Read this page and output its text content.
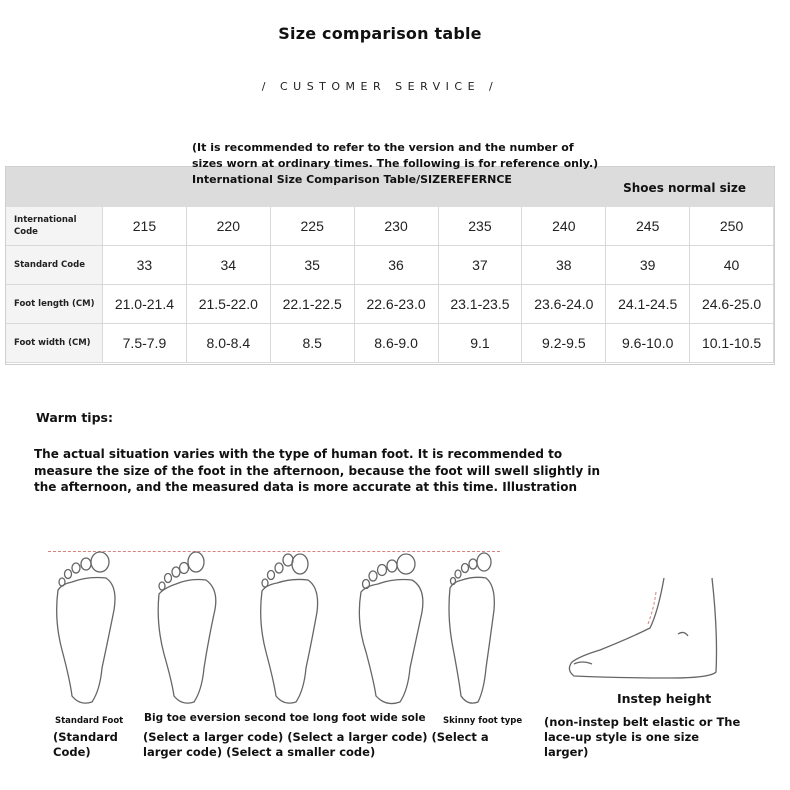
Size comparison table
/ CUSTOMER SERVICE /
Shoes normal size
International Code	215	220	225	230	235	240	245	250
Standard Code	33	34	35	36	37	38	39	40
Foot length (CM)	21.0-21.4	21.5-22.0	22.1-22.5	22.6-23.0	23.1-23.5	23.6-24.0	24.1-24.5	24.6-25.0
Foot width (CM)	7.5-7.9	8.0-8.4	8.5	8.6-9.0	9.1	9.2-9.5	9.6-10.0	10.1-10.5
(It is recommended to refer to the version and the number of sizes worn at ordinary times. The following is for reference only.) International Size Comparison Table/SIZEREFERNCE
Warm tips:
The actual situation varies with the type of human foot. It is recommended to measure the size of the foot in the afternoon, because the foot will swell slightly in the afternoon, and the measured data is more accurate at this time. Illustration
Standard Foot Big toe eversion second toe long foot wide sole Skinny foot type
(Standard Code)
(Select a larger code) (Select a larger code) (Select a larger code) (Select a smaller code)
Instep height
(non-instep belt elastic or The lace-up style is one size larger)
